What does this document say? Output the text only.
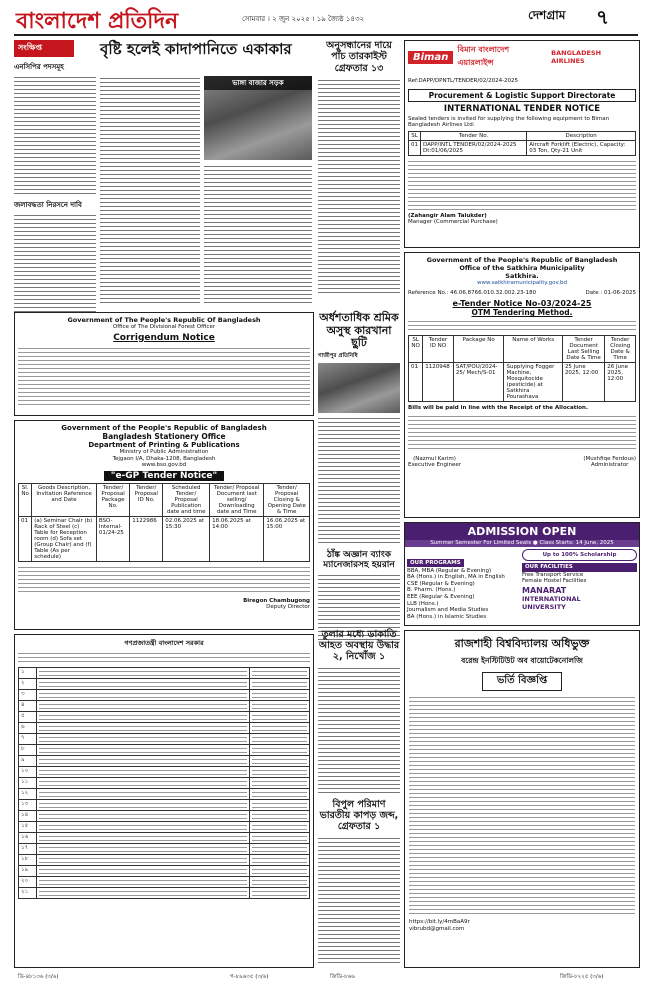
বাংলাদেশ প্রতিদিন	সোমবার । ২ জুন ২০২৫ । ১৯ জ্যৈষ্ঠ ১৪৩২	দেশগ্রাম ৭
সংক্ষিপ্ত
এনসিপির পদসমূহ
জলাবদ্ধতা নিরসনে দাবি
বৃষ্টি হলেই কাদাপানিতে একাকার
ভাঙ্গা বাজার সড়ক
অনুসন্ধানের দায়ে পাঁচ তারকাইস্ট গ্রেফতার ১৩
Biman
বিমান বাংলাদেশ এয়ারলাইন্স
BANGLADESH AIRLINES
Ref:DAPP/DPNTL/TENDER/02/2024-2025
Procurement & Logistic Support Directorate
INTERNATIONAL TENDER NOTICE
Sealed tenders is invited for supplying the following equipment to Biman Bangladesh Airlines Ltd:
SL	Tender No.	Description
01	DAPP/INTL TENDER/02/2024-2025 Dt:01/06/2025	Aircraft Forklift (Electric), Capacity: 03 Ton, Qty-21 Unit
(Zahangir Alam Talukder)
Manager (Commercial Purchase)
Government of the People's Republic of Bangladesh
Office of the Satkhira Municipality
Satkhira.
www.satkhiramunicipality.gov.bd
Reference No.: 46.06.8766.010.32.002.23-180	Date : 01-06-2025
e-Tender Notice No-03/2024-25
OTM Tendering Method.
SL NO	Tender ID NO	Package No	Name of Works	Tender Document Last Selling Date & Time	Tender Closing Date & Time
01	1120948	SAT/POU/2024-25/ Mech/S-01	Supplying Fogger Machine, Mosquitocide (pesticide) at Satkhira Pourashava	25 June 2025, 12:00	26 June 2025, 12:00
Bills will be paid in line with the Receipt of the Allocation.
(Nazmul Karim)
Executive Engineer
(Mushfiqe Ferdous)
Administrator
Government of The People's Republic Of Bangladesh
Office of The Divisional Forest Officer
Corrigendum Notice
Government of the People's Republic of Bangladesh
Bangladesh Stationery Office
Department of Printing & Publications
Ministry of Public Administration
Tejgaon I/A, Dhaka-1208, Bangladesh
www.bso.gov.bd
"e-GP Tender Notice"
Sl. No	Goods Description, Invitation Reference and Date	Tender/ Proposal Package No.	Tender/ Proposal ID No.	Scheduled Tender/ Proposal Publication date and time	Tender/ Proposal Document last selling/ Downloading date and Time	Tender/ Proposal Closing & Opening Date & Time
01	(a) Seminar Chair (b) Rack of Steel (c) Table for Reception room (d) Sofa set (Group Chair) and (f) Table (As per schedule)	BSO-Internal-01/24-25	1122986	02.06.2025 at 15:30	18.06.2025 at 14:00	16.06.2025 at 15:00
Biregon Chambugong
Deputy Director
অর্ধশতাধিক শ্রমিক অসুস্থ কারখানা ছুটি
গাজীপুর প্রতিনিধি
ঠাঁঙ্ক অজ্ঞান ব্যাংক ম্যানেজারসহ হয়রান
ADMISSION OPEN
Summer Semester For Limited Seats ● Class Starts: 14 June, 2025
OUR PROGRAMS
BBA, MBA (Regular & Evening)
BA (Hons.) in English, MA in English
CSE (Regular & Evening)
B. Pharm. (Hons.)
EEE (Regular & Evening)
LLB (Hons.)
Journalism and Media Studies
BA (Hons.) in Islamic Studies
Up to 100% Scholarship
OUR FACILITIES
Free Transport Service
Female Hostel Facilities
MANARAT
INTERNATIONAL
UNIVERSITY
গণপ্রজাতন্ত্রী বাংলাদেশ সরকার
১	

২	

৩	

৪	

৫	

৬	

৭	

৮	

৯	

১০	

১১	

১২	

১৩	

১৪	

১৫	

১৬	

১৭	

১৮	

১৯	

২০	

২১	

তুলার মধ্যে ডাকাতি আহত অবস্থায় উদ্ধার ২, নিখোঁজ ১
বিপুল পরিমাণ ভারতীয় কাপড় জব্দ, গ্রেফতার ১
রাজশাহী বিশ্ববিদ্যালয় অধিভুক্ত
বরেন্দ্র ইনস্টিটিউট অব বায়োটেকনোলজি
ভর্তি বিজ্ঞপ্তি
https://bit.ly/4mBaA9r
vibrubd@gmail.com
ডি-৪৮১৩৬ (৩/৬)	গ-৮৯৬৩৫ (৩/৬)	জিডি-৮৬৬	জিডি-৮২২৫ (৩/৬)
